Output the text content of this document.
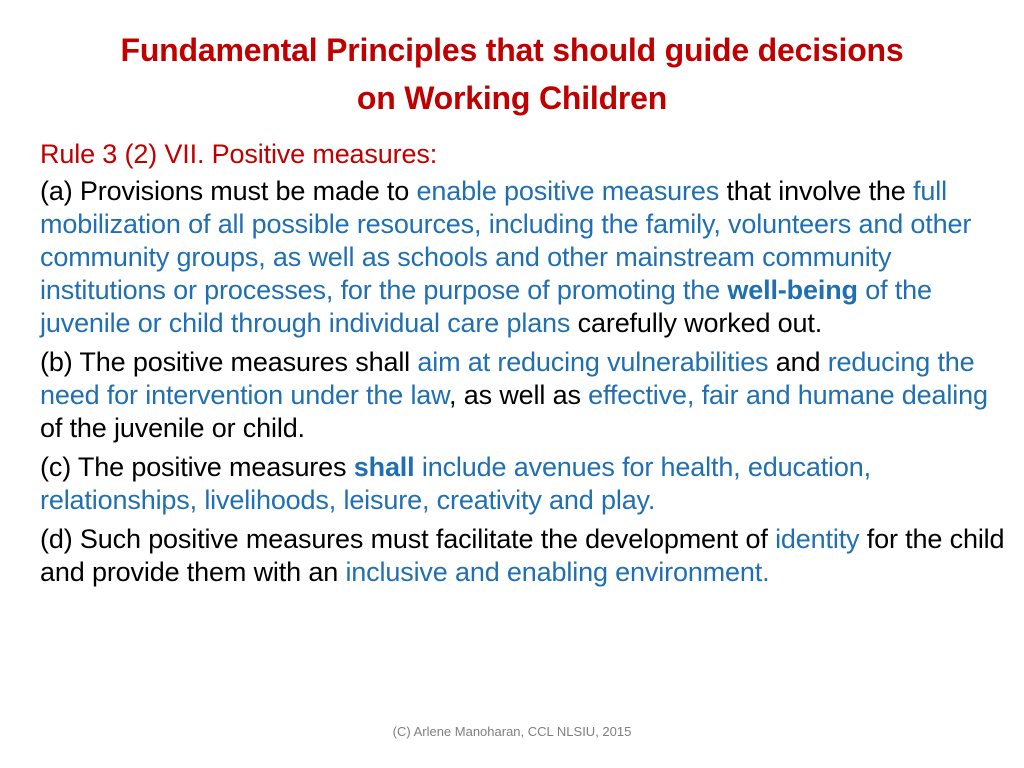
Fundamental Principles that should guide decisions
on Working Children
Rule 3 (2) VII. Positive measures:
(a) Provisions must be made to enable positive measures that involve the full mobilization of all possible resources, including the family, volunteers and other community groups, as well as schools and other mainstream community institutions or processes, for the purpose of promoting the well-being of the juvenile or child through individual care plans carefully worked out.
(b) The positive measures shall aim at reducing vulnerabilities and reducing the need for intervention under the law, as well as effective, fair and humane dealing of the juvenile or child.
(c) The positive measures shall include avenues for health, education, relationships, livelihoods, leisure, creativity and play.
(d) Such positive measures must facilitate the development of identity for the child and provide them with an inclusive and enabling environment.
(C) Arlene Manoharan, CCL NLSIU, 2015
